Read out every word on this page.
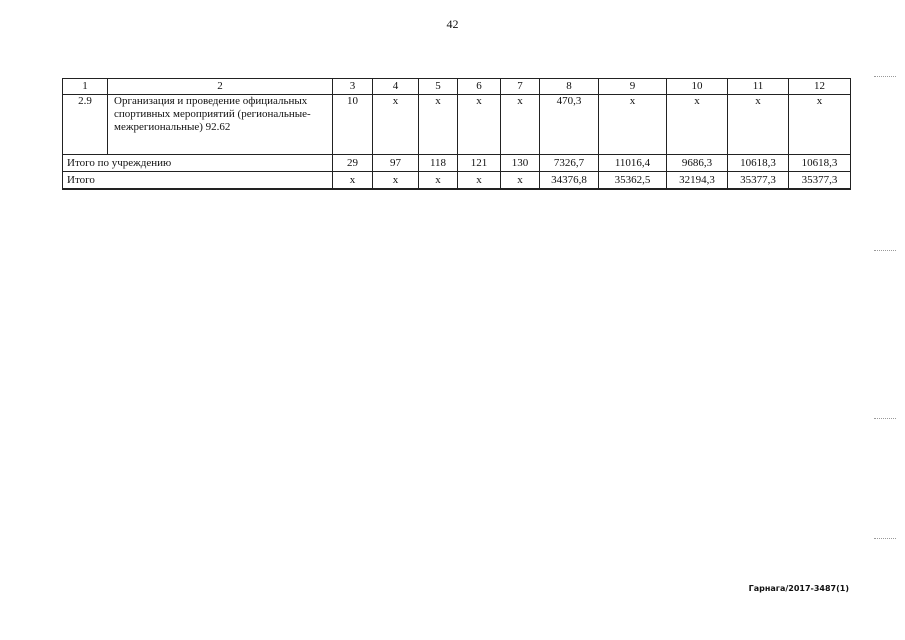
42
1	2	3	4	5	6	7	8	9	10	11	12
2.9	Организация и проведение официальных спортивных мероприятий (региональные-межрегиональные) 92.62	10	х	х	х	х	470,3	х	х	х	х
Итого по учреждению		29	97	118	121	130	7326,7	11016,4	9686,3	10618,3	10618,3
Итого		х	х	х	х	х	34376,8	35362,5	32194,3	35377,3	35377,3
Гарнага/2017-3487(1)
